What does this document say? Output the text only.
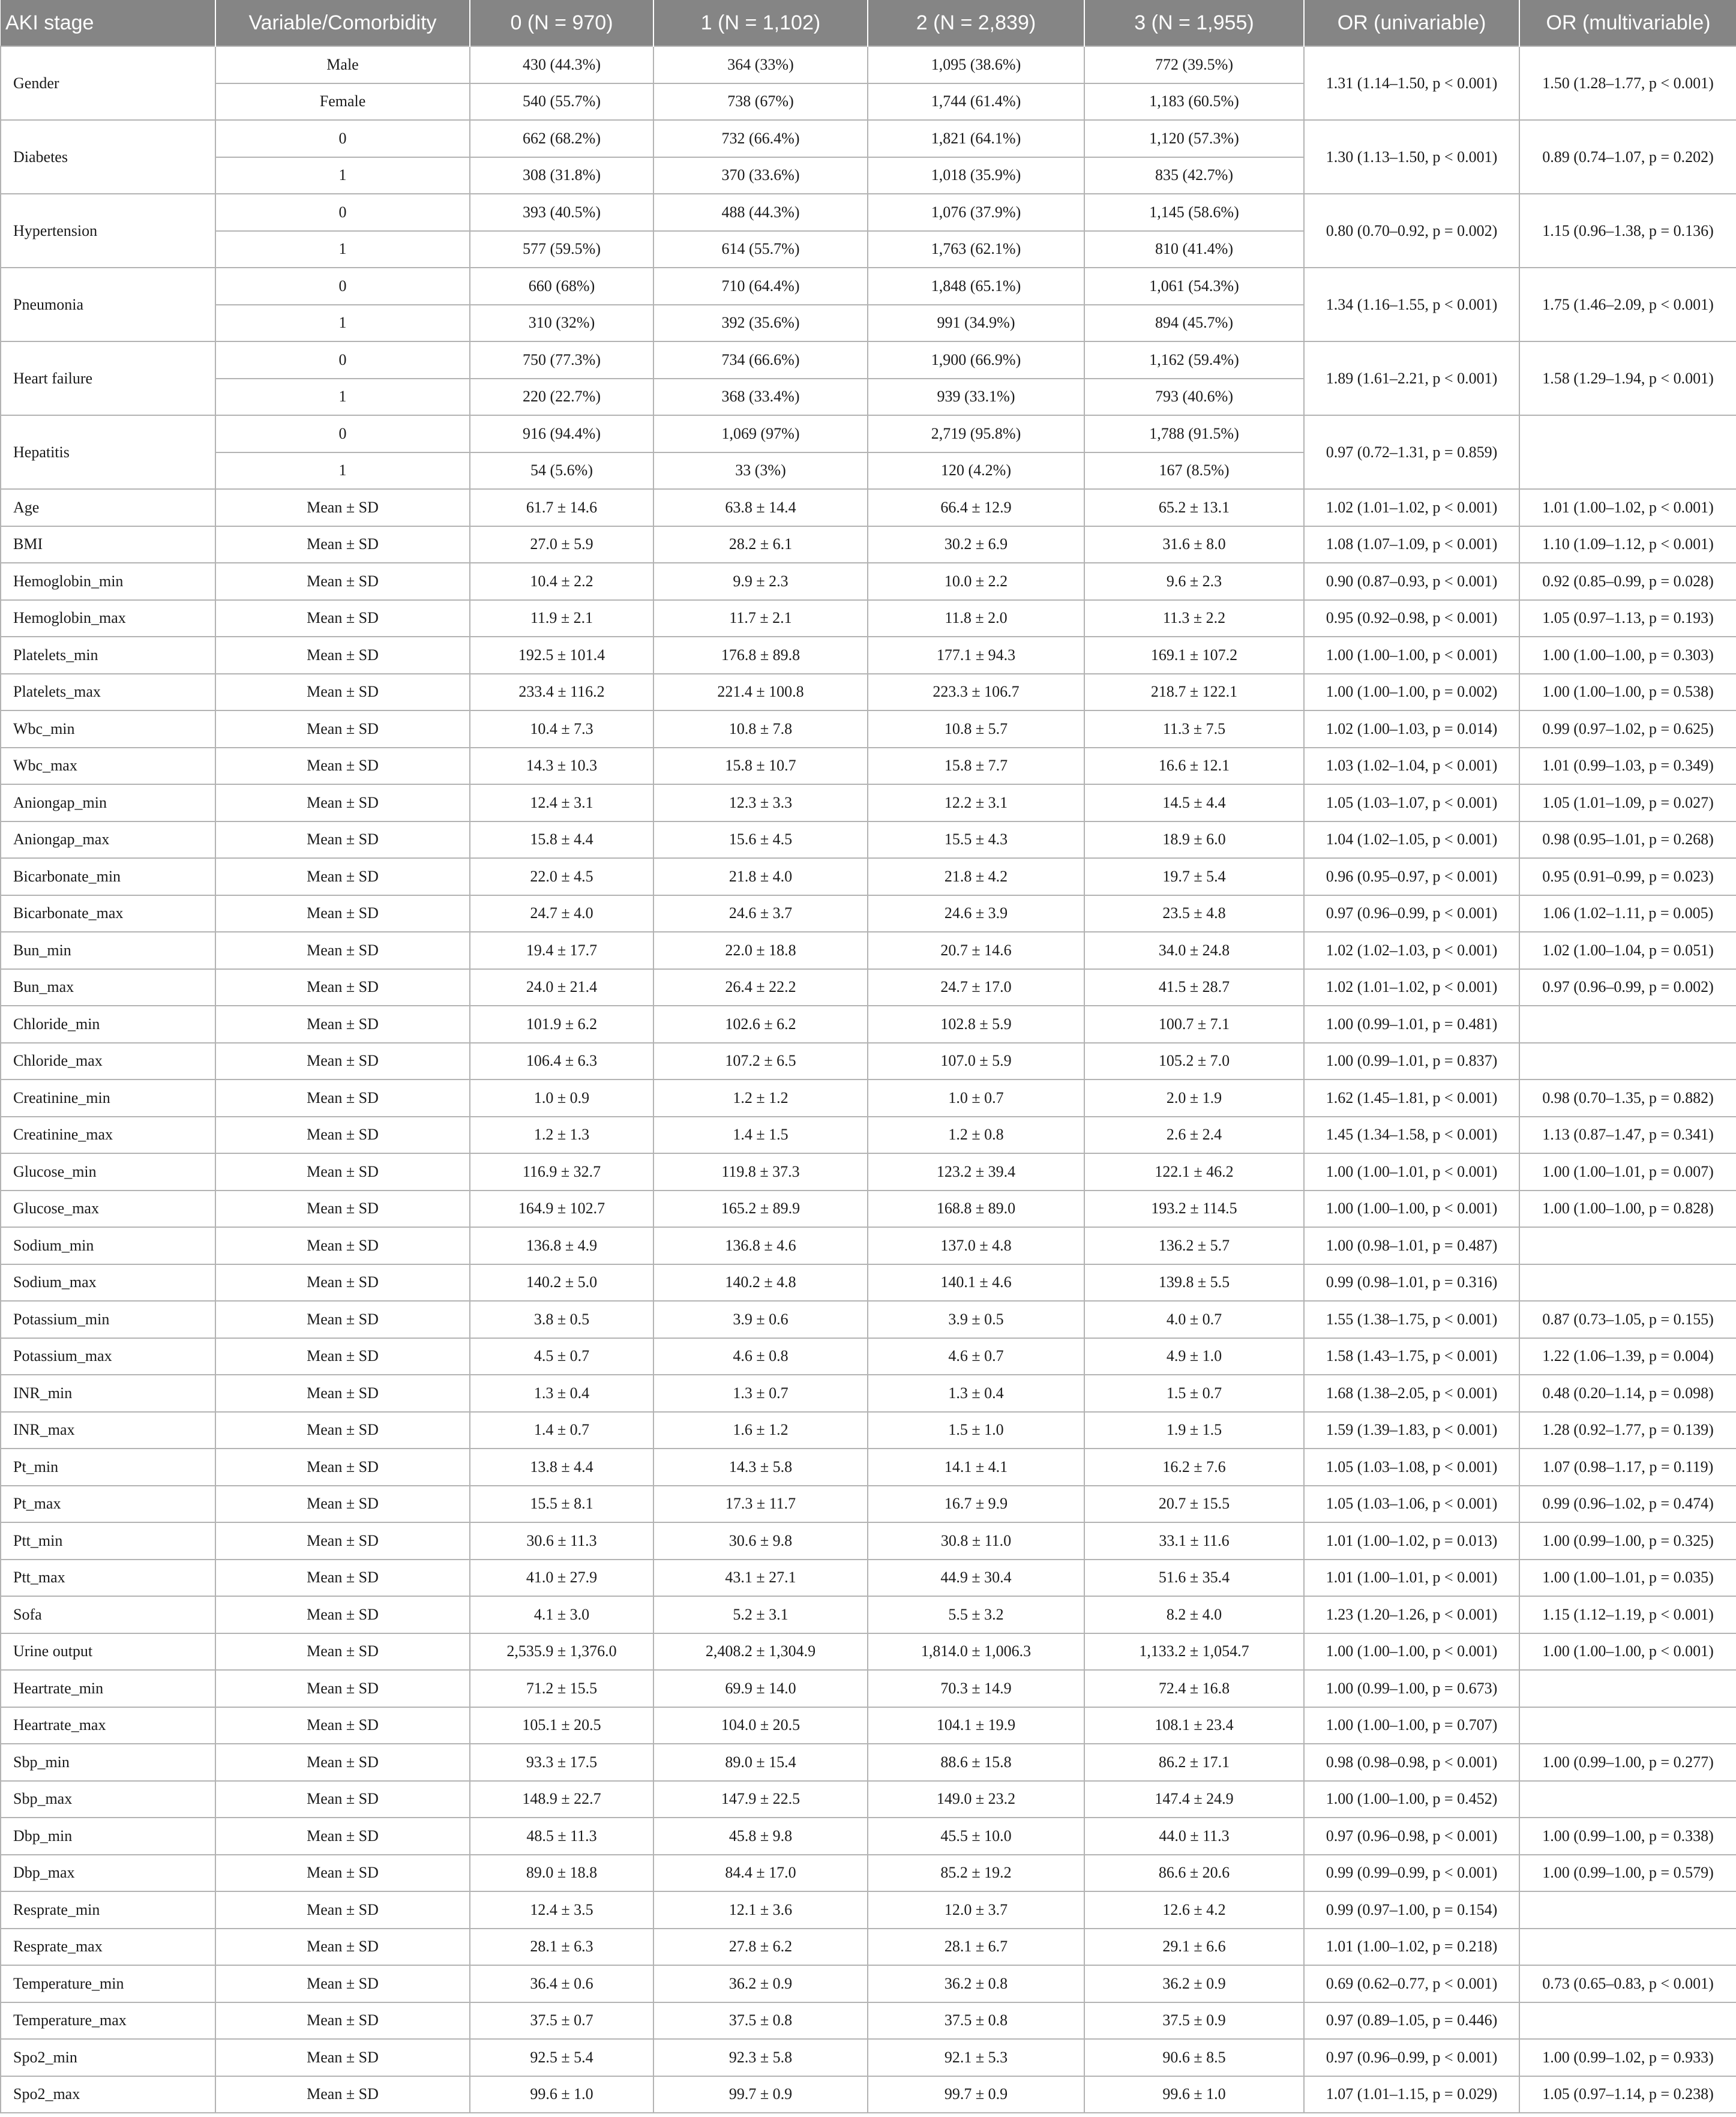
AKI stage	Variable/Comorbidity	0 (N = 970)	1 (N = 1,102)	2 (N = 2,839)	3 (N = 1,955)	OR (univariable)	OR (multivariable)
Gender	Male	430 (44.3%)	364 (33%)	1,095 (38.6%)	772 (39.5%)	1.31 (1.14–1.50, p < 0.001)	1.50 (1.28–1.77, p < 0.001)
	Female	540 (55.7%)	738 (67%)	1,744 (61.4%)	1,183 (60.5%)		
Diabetes	0	662 (68.2%)	732 (66.4%)	1,821 (64.1%)	1,120 (57.3%)	1.30 (1.13–1.50, p < 0.001)	0.89 (0.74–1.07, p = 0.202)
	1	308 (31.8%)	370 (33.6%)	1,018 (35.9%)	835 (42.7%)		
Hypertension	0	393 (40.5%)	488 (44.3%)	1,076 (37.9%)	1,145 (58.6%)	0.80 (0.70–0.92, p = 0.002)	1.15 (0.96–1.38, p = 0.136)
	1	577 (59.5%)	614 (55.7%)	1,763 (62.1%)	810 (41.4%)		
Pneumonia	0	660 (68%)	710 (64.4%)	1,848 (65.1%)	1,061 (54.3%)	1.34 (1.16–1.55, p < 0.001)	1.75 (1.46–2.09, p < 0.001)
	1	310 (32%)	392 (35.6%)	991 (34.9%)	894 (45.7%)		
Heart failure	0	750 (77.3%)	734 (66.6%)	1,900 (66.9%)	1,162 (59.4%)	1.89 (1.61–2.21, p < 0.001)	1.58 (1.29–1.94, p < 0.001)
	1	220 (22.7%)	368 (33.4%)	939 (33.1%)	793 (40.6%)		
Hepatitis	0	916 (94.4%)	1,069 (97%)	2,719 (95.8%)	1,788 (91.5%)	0.97 (0.72–1.31, p = 0.859)	
	1	54 (5.6%)	33 (3%)	120 (4.2%)	167 (8.5%)		
Age	Mean ± SD	61.7 ± 14.6	63.8 ± 14.4	66.4 ± 12.9	65.2 ± 13.1	1.02 (1.01–1.02, p < 0.001)	1.01 (1.00–1.02, p < 0.001)
BMI	Mean ± SD	27.0 ± 5.9	28.2 ± 6.1	30.2 ± 6.9	31.6 ± 8.0	1.08 (1.07–1.09, p < 0.001)	1.10 (1.09–1.12, p < 0.001)
Hemoglobin_min	Mean ± SD	10.4 ± 2.2	9.9 ± 2.3	10.0 ± 2.2	9.6 ± 2.3	0.90 (0.87–0.93, p < 0.001)	0.92 (0.85–0.99, p = 0.028)
Hemoglobin_max	Mean ± SD	11.9 ± 2.1	11.7 ± 2.1	11.8 ± 2.0	11.3 ± 2.2	0.95 (0.92–0.98, p < 0.001)	1.05 (0.97–1.13, p = 0.193)
Platelets_min	Mean ± SD	192.5 ± 101.4	176.8 ± 89.8	177.1 ± 94.3	169.1 ± 107.2	1.00 (1.00–1.00, p < 0.001)	1.00 (1.00–1.00, p = 0.303)
Platelets_max	Mean ± SD	233.4 ± 116.2	221.4 ± 100.8	223.3 ± 106.7	218.7 ± 122.1	1.00 (1.00–1.00, p = 0.002)	1.00 (1.00–1.00, p = 0.538)
Wbc_min	Mean ± SD	10.4 ± 7.3	10.8 ± 7.8	10.8 ± 5.7	11.3 ± 7.5	1.02 (1.00–1.03, p = 0.014)	0.99 (0.97–1.02, p = 0.625)
Wbc_max	Mean ± SD	14.3 ± 10.3	15.8 ± 10.7	15.8 ± 7.7	16.6 ± 12.1	1.03 (1.02–1.04, p < 0.001)	1.01 (0.99–1.03, p = 0.349)
Aniongap_min	Mean ± SD	12.4 ± 3.1	12.3 ± 3.3	12.2 ± 3.1	14.5 ± 4.4	1.05 (1.03–1.07, p < 0.001)	1.05 (1.01–1.09, p = 0.027)
Aniongap_max	Mean ± SD	15.8 ± 4.4	15.6 ± 4.5	15.5 ± 4.3	18.9 ± 6.0	1.04 (1.02–1.05, p < 0.001)	0.98 (0.95–1.01, p = 0.268)
Bicarbonate_min	Mean ± SD	22.0 ± 4.5	21.8 ± 4.0	21.8 ± 4.2	19.7 ± 5.4	0.96 (0.95–0.97, p < 0.001)	0.95 (0.91–0.99, p = 0.023)
Bicarbonate_max	Mean ± SD	24.7 ± 4.0	24.6 ± 3.7	24.6 ± 3.9	23.5 ± 4.8	0.97 (0.96–0.99, p < 0.001)	1.06 (1.02–1.11, p = 0.005)
Bun_min	Mean ± SD	19.4 ± 17.7	22.0 ± 18.8	20.7 ± 14.6	34.0 ± 24.8	1.02 (1.02–1.03, p < 0.001)	1.02 (1.00–1.04, p = 0.051)
Bun_max	Mean ± SD	24.0 ± 21.4	26.4 ± 22.2	24.7 ± 17.0	41.5 ± 28.7	1.02 (1.01–1.02, p < 0.001)	0.97 (0.96–0.99, p = 0.002)
Chloride_min	Mean ± SD	101.9 ± 6.2	102.6 ± 6.2	102.8 ± 5.9	100.7 ± 7.1	1.00 (0.99–1.01, p = 0.481)	
Chloride_max	Mean ± SD	106.4 ± 6.3	107.2 ± 6.5	107.0 ± 5.9	105.2 ± 7.0	1.00 (0.99–1.01, p = 0.837)	
Creatinine_min	Mean ± SD	1.0 ± 0.9	1.2 ± 1.2	1.0 ± 0.7	2.0 ± 1.9	1.62 (1.45–1.81, p < 0.001)	0.98 (0.70–1.35, p = 0.882)
Creatinine_max	Mean ± SD	1.2 ± 1.3	1.4 ± 1.5	1.2 ± 0.8	2.6 ± 2.4	1.45 (1.34–1.58, p < 0.001)	1.13 (0.87–1.47, p = 0.341)
Glucose_min	Mean ± SD	116.9 ± 32.7	119.8 ± 37.3	123.2 ± 39.4	122.1 ± 46.2	1.00 (1.00–1.01, p < 0.001)	1.00 (1.00–1.01, p = 0.007)
Glucose_max	Mean ± SD	164.9 ± 102.7	165.2 ± 89.9	168.8 ± 89.0	193.2 ± 114.5	1.00 (1.00–1.00, p < 0.001)	1.00 (1.00–1.00, p = 0.828)
Sodium_min	Mean ± SD	136.8 ± 4.9	136.8 ± 4.6	137.0 ± 4.8	136.2 ± 5.7	1.00 (0.98–1.01, p = 0.487)	
Sodium_max	Mean ± SD	140.2 ± 5.0	140.2 ± 4.8	140.1 ± 4.6	139.8 ± 5.5	0.99 (0.98–1.01, p = 0.316)	
Potassium_min	Mean ± SD	3.8 ± 0.5	3.9 ± 0.6	3.9 ± 0.5	4.0 ± 0.7	1.55 (1.38–1.75, p < 0.001)	0.87 (0.73–1.05, p = 0.155)
Potassium_max	Mean ± SD	4.5 ± 0.7	4.6 ± 0.8	4.6 ± 0.7	4.9 ± 1.0	1.58 (1.43–1.75, p < 0.001)	1.22 (1.06–1.39, p = 0.004)
INR_min	Mean ± SD	1.3 ± 0.4	1.3 ± 0.7	1.3 ± 0.4	1.5 ± 0.7	1.68 (1.38–2.05, p < 0.001)	0.48 (0.20–1.14, p = 0.098)
INR_max	Mean ± SD	1.4 ± 0.7	1.6 ± 1.2	1.5 ± 1.0	1.9 ± 1.5	1.59 (1.39–1.83, p < 0.001)	1.28 (0.92–1.77, p = 0.139)
Pt_min	Mean ± SD	13.8 ± 4.4	14.3 ± 5.8	14.1 ± 4.1	16.2 ± 7.6	1.05 (1.03–1.08, p < 0.001)	1.07 (0.98–1.17, p = 0.119)
Pt_max	Mean ± SD	15.5 ± 8.1	17.3 ± 11.7	16.7 ± 9.9	20.7 ± 15.5	1.05 (1.03–1.06, p < 0.001)	0.99 (0.96–1.02, p = 0.474)
Ptt_min	Mean ± SD	30.6 ± 11.3	30.6 ± 9.8	30.8 ± 11.0	33.1 ± 11.6	1.01 (1.00–1.02, p = 0.013)	1.00 (0.99–1.00, p = 0.325)
Ptt_max	Mean ± SD	41.0 ± 27.9	43.1 ± 27.1	44.9 ± 30.4	51.6 ± 35.4	1.01 (1.00–1.01, p < 0.001)	1.00 (1.00–1.01, p = 0.035)
Sofa	Mean ± SD	4.1 ± 3.0	5.2 ± 3.1	5.5 ± 3.2	8.2 ± 4.0	1.23 (1.20–1.26, p < 0.001)	1.15 (1.12–1.19, p < 0.001)
Urine output	Mean ± SD	2,535.9 ± 1,376.0	2,408.2 ± 1,304.9	1,814.0 ± 1,006.3	1,133.2 ± 1,054.7	1.00 (1.00–1.00, p < 0.001)	1.00 (1.00–1.00, p < 0.001)
Heartrate_min	Mean ± SD	71.2 ± 15.5	69.9 ± 14.0	70.3 ± 14.9	72.4 ± 16.8	1.00 (0.99–1.00, p = 0.673)	
Heartrate_max	Mean ± SD	105.1 ± 20.5	104.0 ± 20.5	104.1 ± 19.9	108.1 ± 23.4	1.00 (1.00–1.00, p = 0.707)	
Sbp_min	Mean ± SD	93.3 ± 17.5	89.0 ± 15.4	88.6 ± 15.8	86.2 ± 17.1	0.98 (0.98–0.98, p < 0.001)	1.00 (0.99–1.00, p = 0.277)
Sbp_max	Mean ± SD	148.9 ± 22.7	147.9 ± 22.5	149.0 ± 23.2	147.4 ± 24.9	1.00 (1.00–1.00, p = 0.452)	
Dbp_min	Mean ± SD	48.5 ± 11.3	45.8 ± 9.8	45.5 ± 10.0	44.0 ± 11.3	0.97 (0.96–0.98, p < 0.001)	1.00 (0.99–1.00, p = 0.338)
Dbp_max	Mean ± SD	89.0 ± 18.8	84.4 ± 17.0	85.2 ± 19.2	86.6 ± 20.6	0.99 (0.99–0.99, p < 0.001)	1.00 (0.99–1.00, p = 0.579)
Resprate_min	Mean ± SD	12.4 ± 3.5	12.1 ± 3.6	12.0 ± 3.7	12.6 ± 4.2	0.99 (0.97–1.00, p = 0.154)	
Resprate_max	Mean ± SD	28.1 ± 6.3	27.8 ± 6.2	28.1 ± 6.7	29.1 ± 6.6	1.01 (1.00–1.02, p = 0.218)	
Temperature_min	Mean ± SD	36.4 ± 0.6	36.2 ± 0.9	36.2 ± 0.8	36.2 ± 0.9	0.69 (0.62–0.77, p < 0.001)	0.73 (0.65–0.83, p < 0.001)
Temperature_max	Mean ± SD	37.5 ± 0.7	37.5 ± 0.8	37.5 ± 0.8	37.5 ± 0.9	0.97 (0.89–1.05, p = 0.446)	
Spo2_min	Mean ± SD	92.5 ± 5.4	92.3 ± 5.8	92.1 ± 5.3	90.6 ± 8.5	0.97 (0.96–0.99, p < 0.001)	1.00 (0.99–1.02, p = 0.933)
Spo2_max	Mean ± SD	99.6 ± 1.0	99.7 ± 0.9	99.7 ± 0.9	99.6 ± 1.0	1.07 (1.01–1.15, p = 0.029)	1.05 (0.97–1.14, p = 0.238)
